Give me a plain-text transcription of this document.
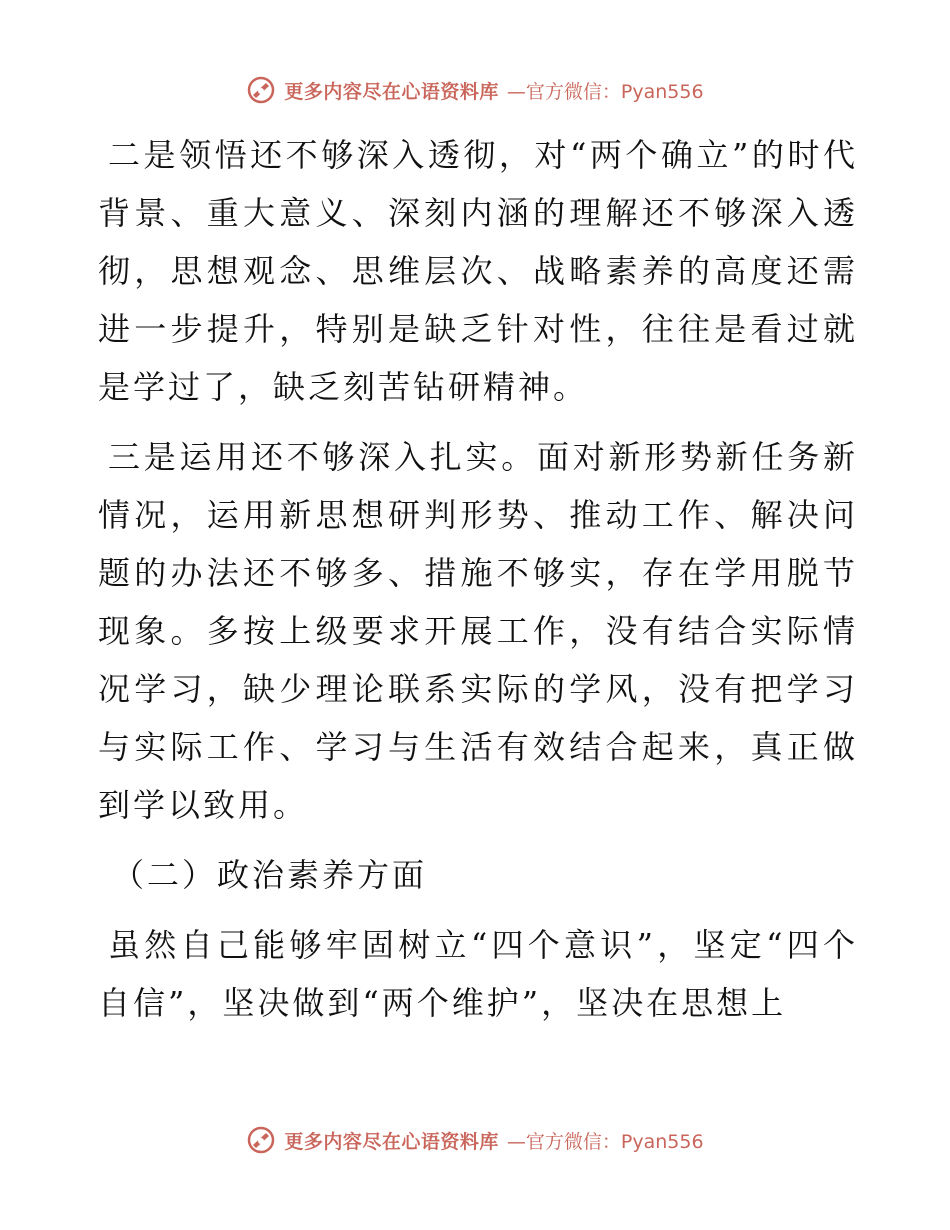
更多内容尽在心语资料库 —官方微信：Pyan556

二是领悟还不够深入透彻，对“两个确立”的时代背景、重大意义、深刻内涵的理解还不够深入透彻，思想观念、思维层次、战略素养的高度还需进一步提升，特别是缺乏针对性，往往是看过就是学过了，缺乏刻苦钻研精神。

三是运用还不够深入扎实。面对新形势新任务新情况，运用新思想研判形势、推动工作、解决问题的办法还不够多、措施不够实，存在学用脱节现象。多按上级要求开展工作，没有结合实际情况学习，缺少理论联系实际的学风，没有把学习与实际工作、学习与生活有效结合起来，真正做到学以致用。

（二）政治素养方面

虽然自己能够牢固树立“四个意识”，坚定“四个自信”，坚决做到“两个维护”，坚决在思想上

更多内容尽在心语资料库 —官方微信：Pyan556
